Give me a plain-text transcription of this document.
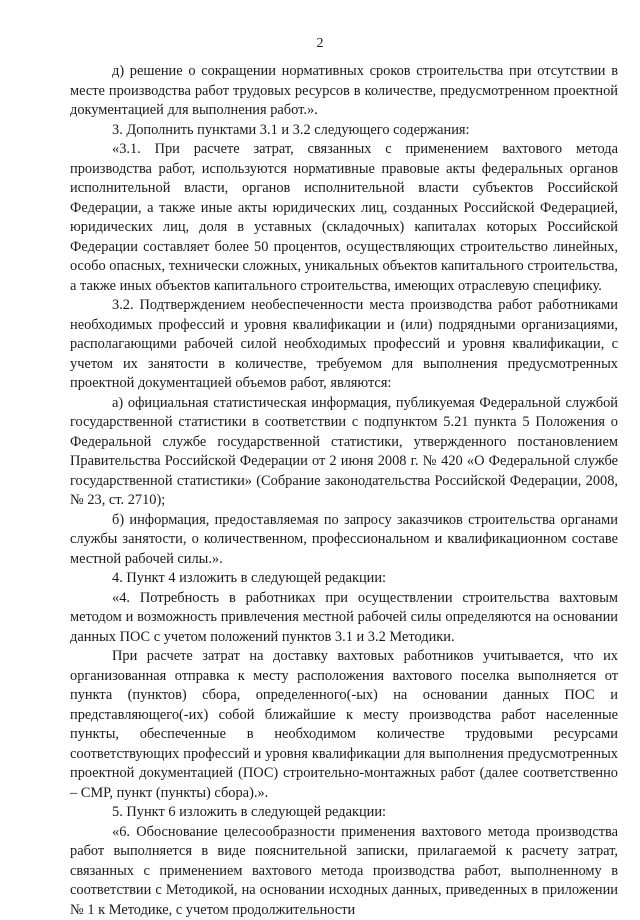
2

д) решение о сокращении нормативных сроков строительства при отсутствии в месте производства работ трудовых ресурсов в количестве, предусмотренном проектной документацией для выполнения работ.».

3. Дополнить пунктами 3.1 и 3.2 следующего содержания:

«3.1. При расчете затрат, связанных с применением вахтового метода производства работ, используются нормативные правовые акты федеральных органов исполнительной власти, органов исполнительной власти субъектов Российской Федерации, а также иные акты юридических лиц, созданных Российской Федерацией, юридических лиц, доля в уставных (складочных) капиталах которых Российской Федерации составляет более 50 процентов, осуществляющих строительство линейных, особо опасных, технически сложных, уникальных объектов капитального строительства, а также иных объектов капитального строительства, имеющих отраслевую специфику.

3.2. Подтверждением необеспеченности места производства работ работниками необходимых профессий и уровня квалификации и (или) подрядными организациями, располагающими рабочей силой необходимых профессий и уровня квалификации, с учетом их занятости в количестве, требуемом для выполнения предусмотренных проектной документацией объемов работ, являются:

а) официальная статистическая информация, публикуемая Федеральной службой государственной статистики в соответствии с подпунктом 5.21 пункта 5 Положения о Федеральной службе государственной статистики, утвержденного постановлением Правительства Российской Федерации от 2 июня 2008 г. № 420 «О Федеральной службе государственной статистики» (Собрание законодательства Российской Федерации, 2008, № 23, ст. 2710);

б) информация, предоставляемая по запросу заказчиков строительства органами службы занятости, о количественном, профессиональном и квалификационном составе местной рабочей силы.».

4. Пункт 4 изложить в следующей редакции:

«4. Потребность в работниках при осуществлении строительства вахтовым методом и возможность привлечения местной рабочей силы определяются на основании данных ПОС с учетом положений пунктов 3.1 и 3.2 Методики.

При расчете затрат на доставку вахтовых работников учитывается, что их организованная отправка к месту расположения вахтового поселка выполняется от пункта (пунктов) сбора, определенного(-ых) на основании данных ПОС и представляющего(-их) собой ближайшие к месту производства работ населенные пункты, обеспеченные в необходимом количестве трудовыми ресурсами соответствующих профессий и уровня квалификации для выполнения предусмотренных проектной документацией (ПОС) строительно-монтажных работ (далее соответственно – СМР, пункт (пункты) сбора).».

5. Пункт 6 изложить в следующей редакции:

«6. Обоснование целесообразности применения вахтового метода производства работ выполняется в виде пояснительной записки, прилагаемой к расчету затрат, связанных с применением вахтового метода производства работ, выполненному в соответствии с Методикой, на основании исходных данных, приведенных в приложении № 1 к Методике, с учетом продолжительности
